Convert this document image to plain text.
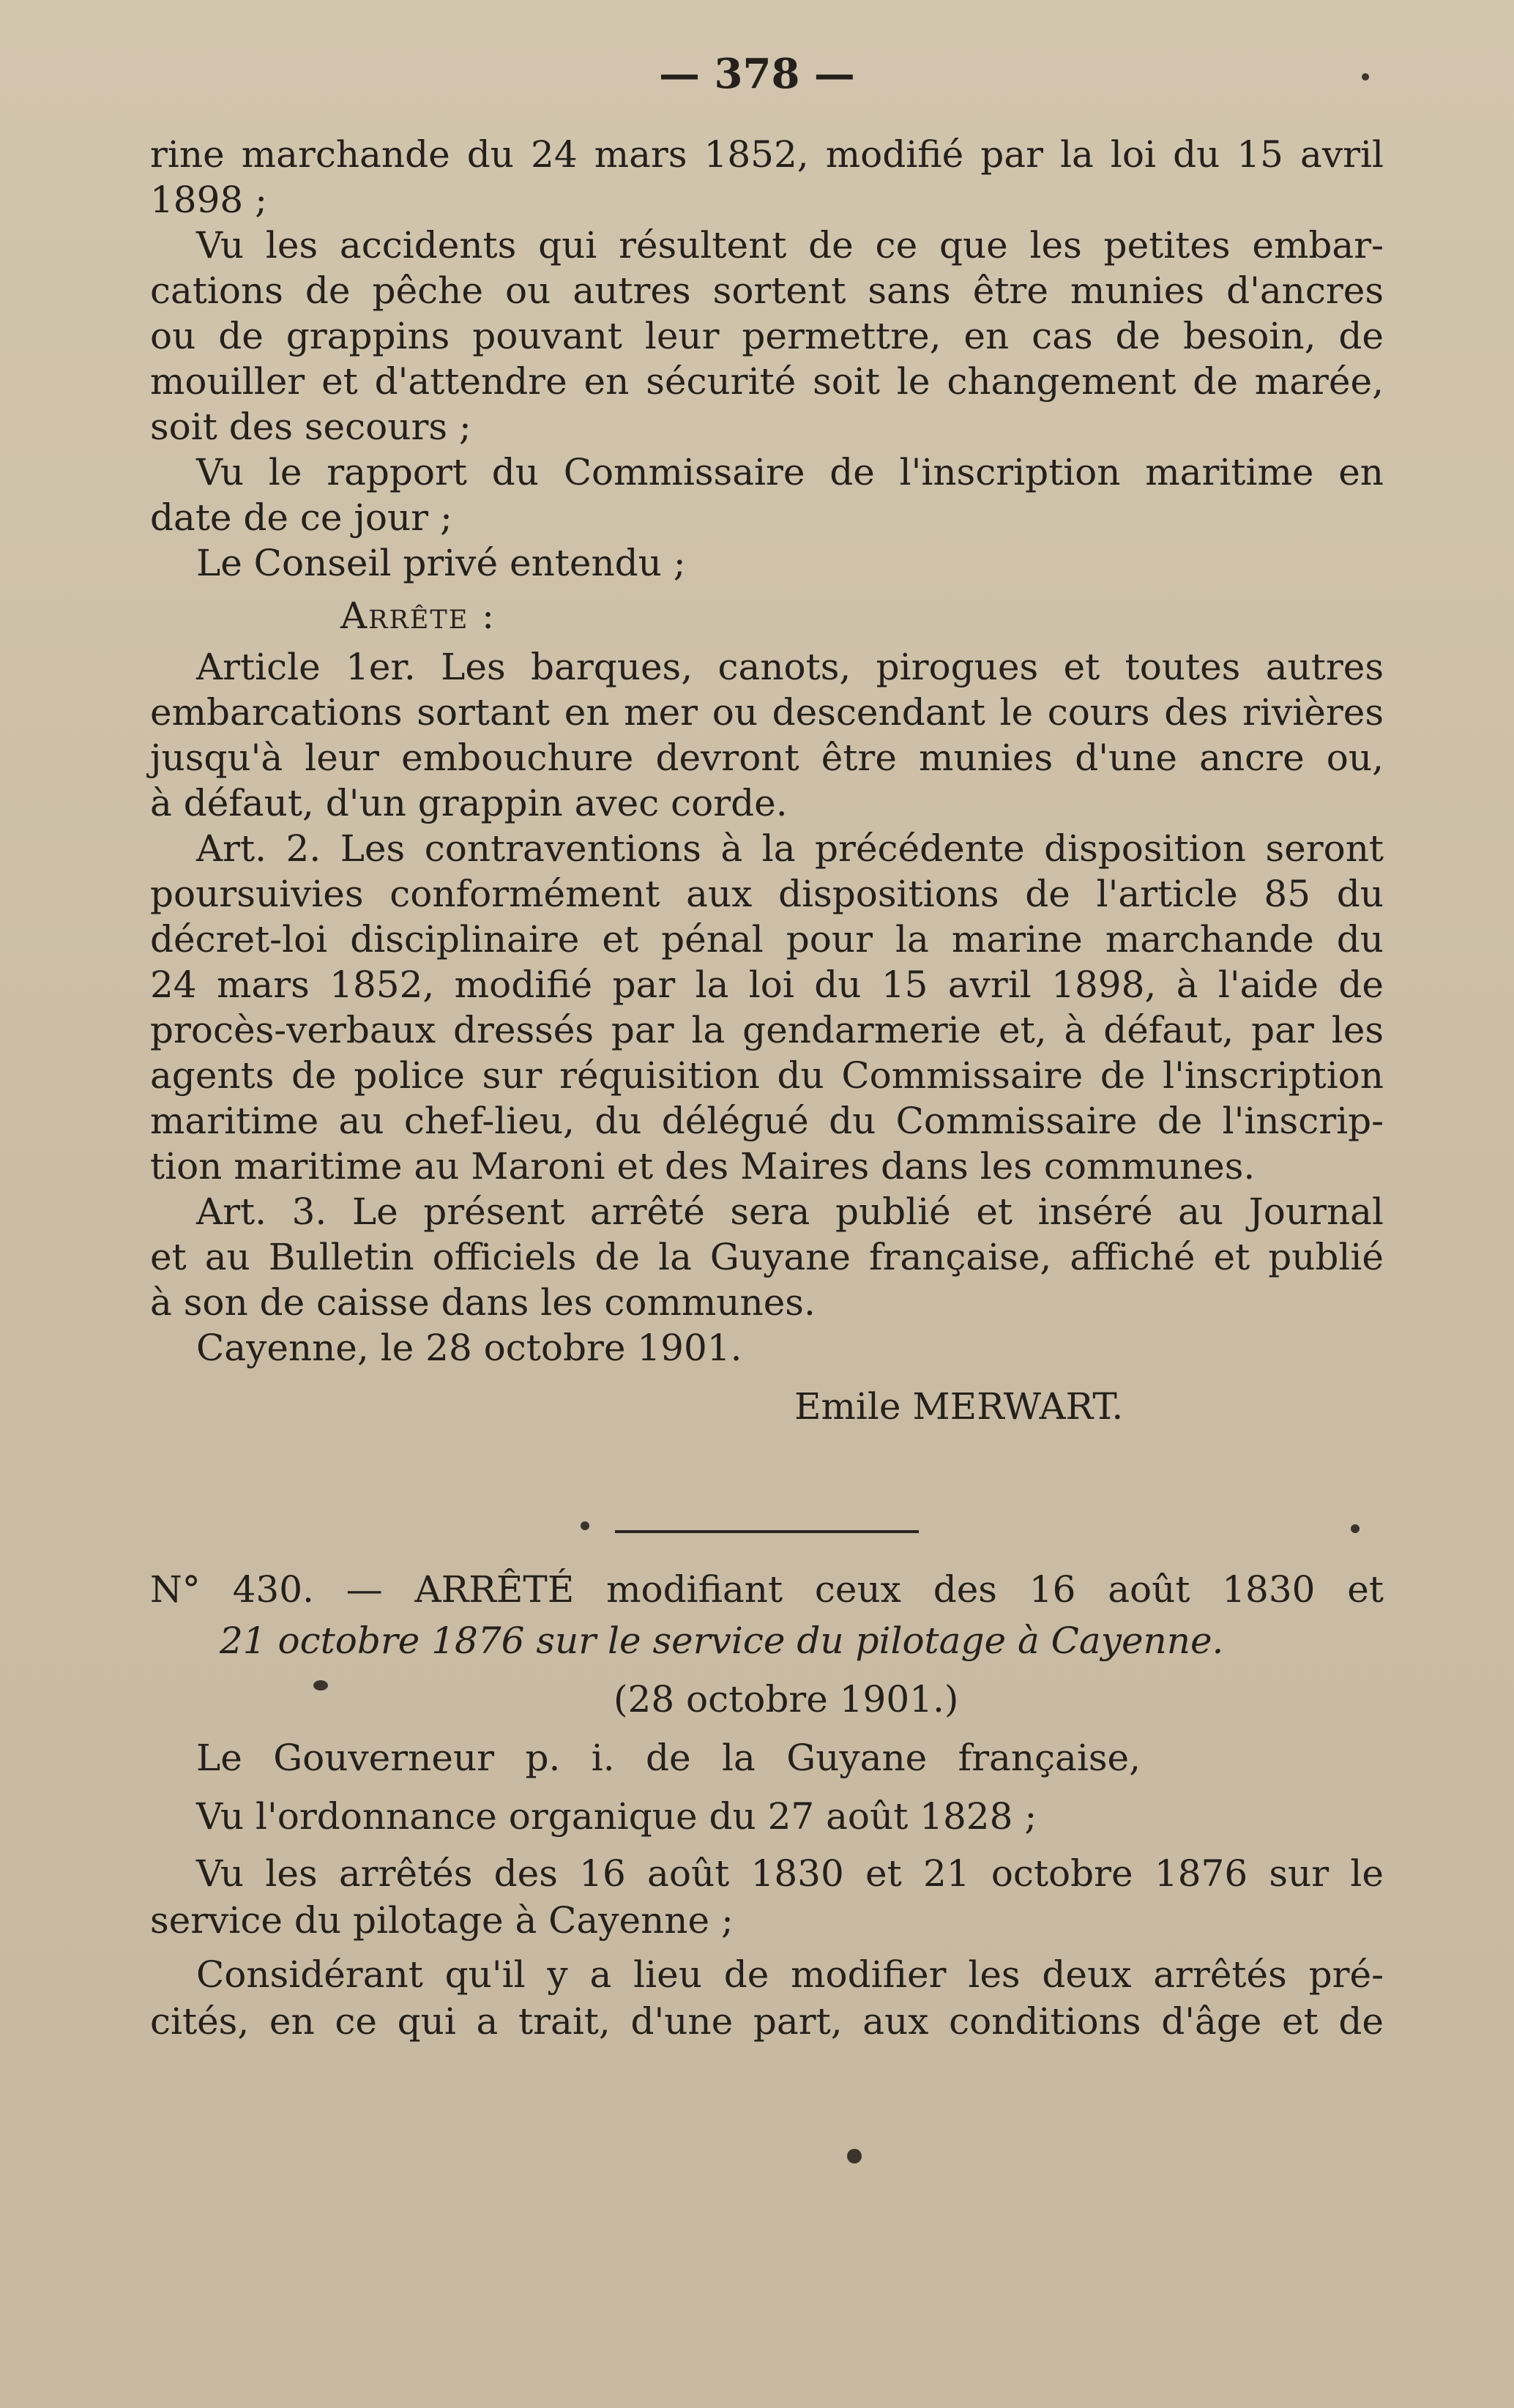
— 378 —
rine marchande du 24 mars 1852, modifié par la loi du 15 avril
1898 ;
Vu les accidents qui résultent de ce que les petites embar-
cations de pêche ou autres sortent sans être munies d'ancres
ou de grappins pouvant leur permettre, en cas de besoin, de
mouiller et d'attendre en sécurité soit le changement de marée,
soit des secours ;
Vu le rapport du Commissaire de l'inscription maritime en
date de ce jour ;
Le Conseil privé entendu ;
Arrête :
Article 1er. Les barques, canots, pirogues et toutes autres
embarcations sortant en mer ou descendant le cours des rivières
jusqu'à leur embouchure devront être munies d'une ancre ou,
à défaut, d'un grappin avec corde.
Art. 2. Les contraventions à la précédente disposition seront
poursuivies conformément aux dispositions de l'article 85 du
décret-loi disciplinaire et pénal pour la marine marchande du
24 mars 1852, modifié par la loi du 15 avril 1898, à l'aide de
procès-verbaux dressés par la gendarmerie et, à défaut, par les
agents de police sur réquisition du Commissaire de l'inscription
maritime au chef-lieu, du délégué du Commissaire de l'inscrip-
tion maritime au Maroni et des Maires dans les communes.
Art. 3. Le présent arrêté sera publié et inséré au Journal
et au Bulletin officiels de la Guyane française, affiché et publié
à son de caisse dans les communes.
Cayenne, le 28 octobre 1901.
Emile MERWART.
N° 430. — ARRÊTÉ modifiant ceux des 16 août 1830 et
21 octobre 1876 sur le service du pilotage à Cayenne.
(28 octobre 1901.)
Le Gouverneur p. i. de la Guyane française,
Vu l'ordonnance organique du 27 août 1828 ;
Vu les arrêtés des 16 août 1830 et 21 octobre 1876 sur le
service du pilotage à Cayenne ;
Considérant qu'il y a lieu de modifier les deux arrêtés pré-
cités, en ce qui a trait, d'une part, aux conditions d'âge et de
